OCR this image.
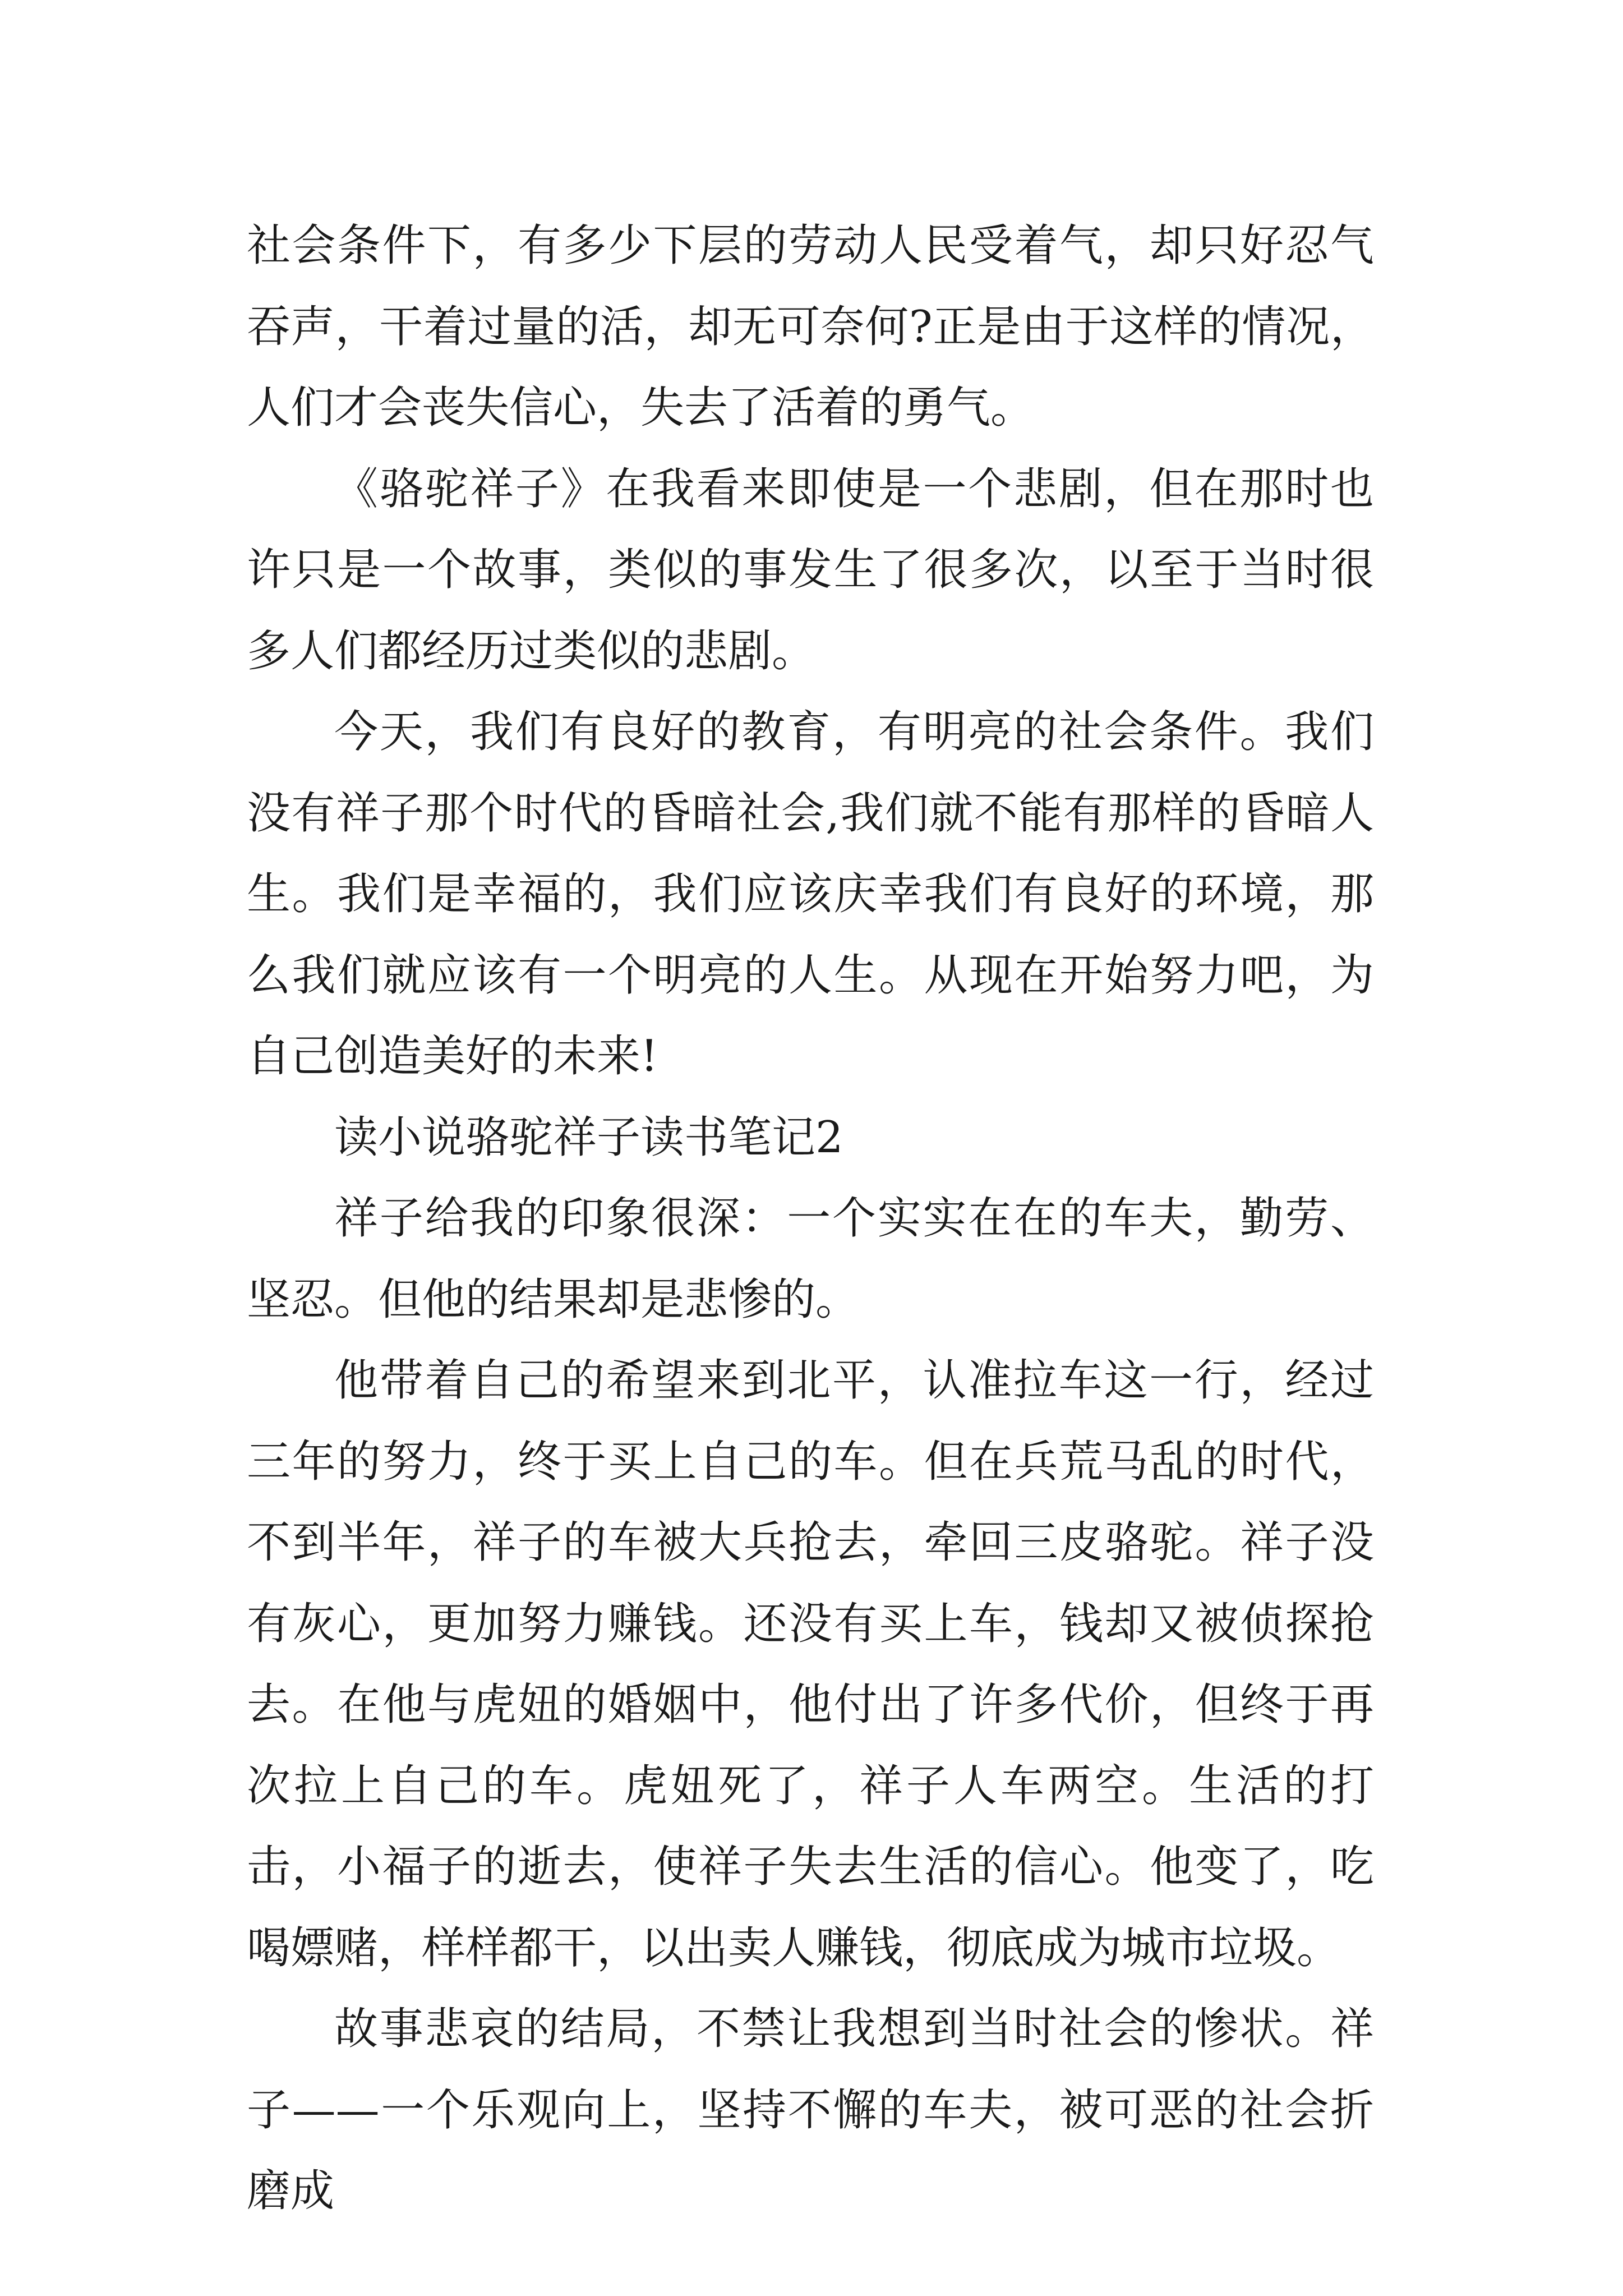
社会条件下，有多少下层的劳动人民受着气，却只好忍气吞声，干着过量的活，却无可奈何?正是由于这样的情况，人们才会丧失信心，失去了活着的勇气。

《骆驼祥子》在我看来即使是一个悲剧，但在那时也许只是一个故事，类似的事发生了很多次，以至于当时很多人们都经历过类似的悲剧。

今天，我们有良好的教育，有明亮的社会条件。我们没有祥子那个时代的昏暗社会,我们就不能有那样的昏暗人生。我们是幸福的，我们应该庆幸我们有良好的环境，那么我们就应该有一个明亮的人生。从现在开始努力吧，为自己创造美好的未来!

读小说骆驼祥子读书笔记2

祥子给我的印象很深：一个实实在在的车夫，勤劳、坚忍。但他的结果却是悲惨的。

他带着自己的希望来到北平，认准拉车这一行，经过三年的努力，终于买上自己的车。但在兵荒马乱的时代，不到半年，祥子的车被大兵抢去，牵回三皮骆驼。祥子没有灰心，更加努力赚钱。还没有买上车，钱却又被侦探抢去。在他与虎妞的婚姻中，他付出了许多代价，但终于再次拉上自己的车。虎妞死了，祥子人车两空。生活的打击，小福子的逝去，使祥子失去生活的信心。他变了，吃喝嫖赌，样样都干，以出卖人赚钱，彻底成为城市垃圾。

故事悲哀的结局，不禁让我想到当时社会的惨状。祥子——一个乐观向上，坚持不懈的车夫，被可恶的社会折磨成
